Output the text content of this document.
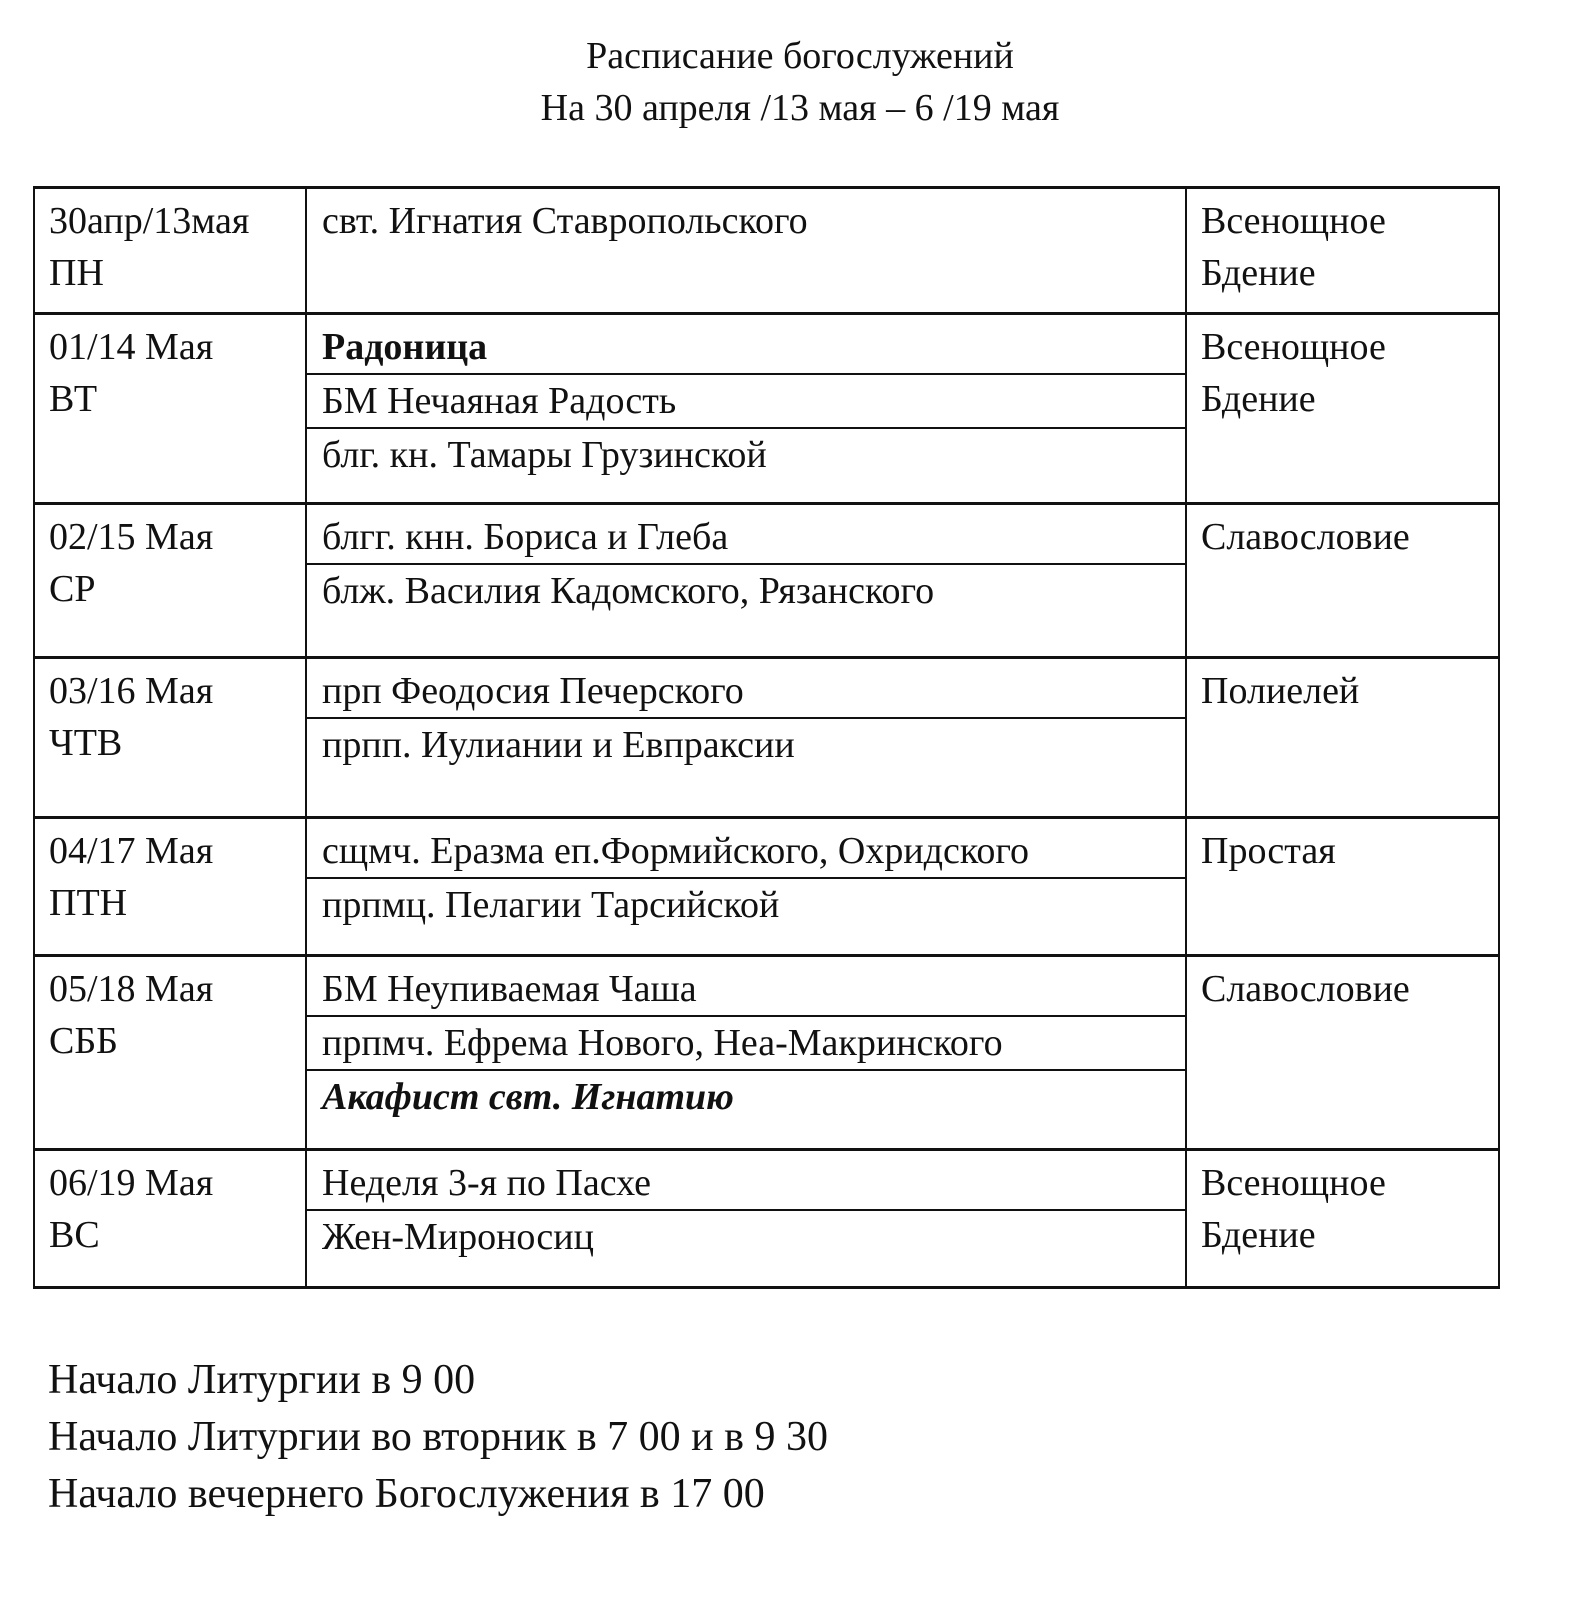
Расписание богослужений
На 30 апреля /13 мая – 6 /19 мая
30апр/13мая
ПН	свт. Игнатия Ставропольского	Всенощное
Бдение

01/14 Мая
ВТ	Радоница
БМ Нечаяная Радость
блг. кн. Тамары Грузинской	Всенощное
Бдение

02/15 Мая
СР	блгг. кнн. Бориса и Глеба
блж. Василия Кадомского, Рязанского	Славословие

03/16 Мая
ЧТВ	прп Феодосия Печерского
прпп. Иулиании и Евпраксии	Полиелей

04/17 Мая
ПТН	сщмч. Еразма еп.Формийского, Охридского
прпмц. Пелагии Тарсийской	Простая

05/18 Мая
СББ	БМ Неупиваемая Чаша
прпмч. Ефрема Нового, Неа-Макринского
Акафист свт. Игнатию	Славословие

06/19 Мая
ВС	Неделя 3-я по Пасхе
Жен-Мироносиц	Всенощное
Бдение
Начало Литургии в 9 00
Начало Литургии во вторник в 7 00 и в 9 30
Начало вечернего Богослужения в 17 00
